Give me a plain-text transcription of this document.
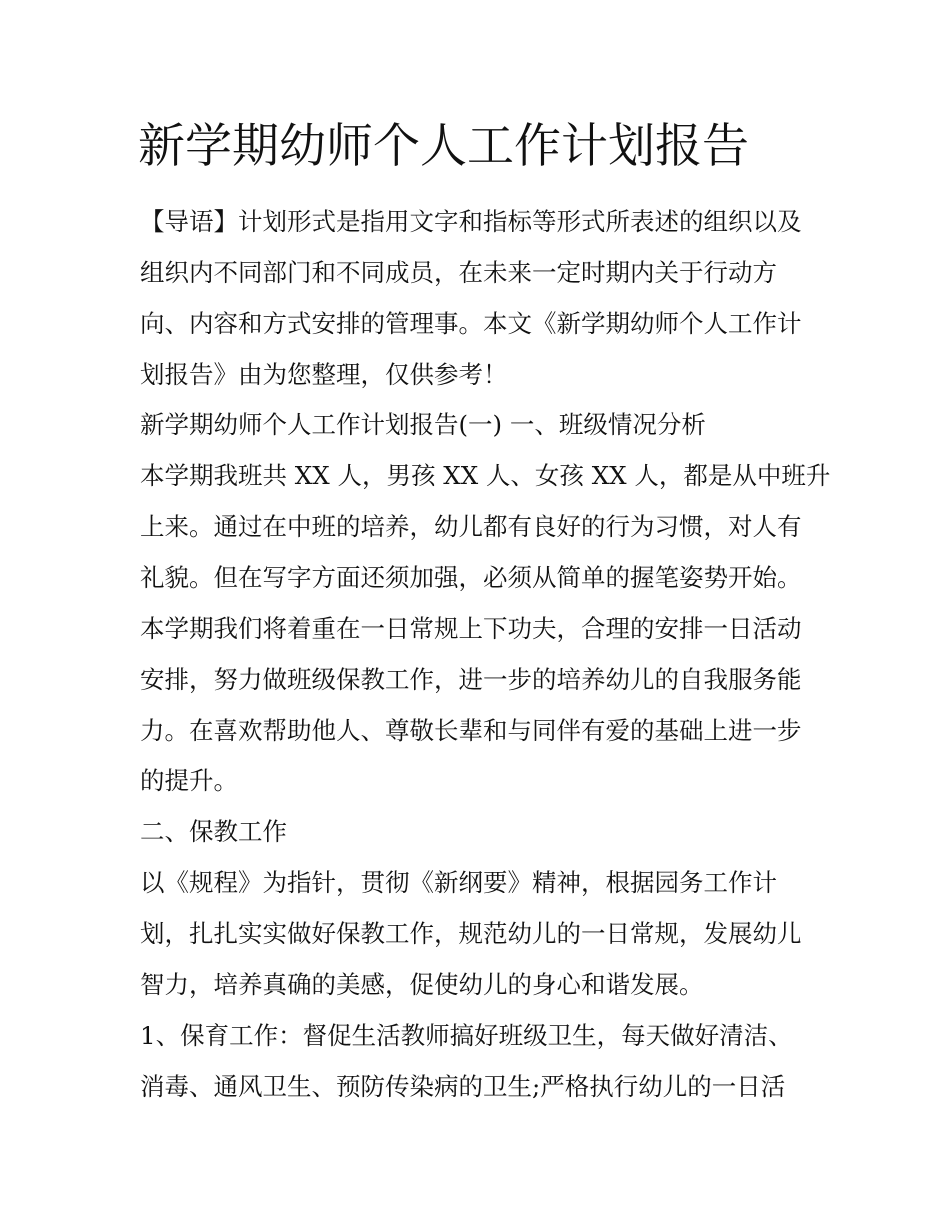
新学期幼师个人工作计划报告
【导语】计划形式是指用文字和指标等形式所表述的组织以及
组织内不同部门和不同成员，在未来一定时期内关于行动方
向、内容和方式安排的管理事。本文《新学期幼师个人工作计
划报告》由为您整理，仅供参考！
新学期幼师个人工作计划报告(一) 一、班级情况分析
本学期我班共 XX 人，男孩 XX 人、女孩 XX 人，都是从中班升
上来。通过在中班的培养，幼儿都有良好的行为习惯，对人有
礼貌。但在写字方面还须加强，必须从简单的握笔姿势开始。
本学期我们将着重在一日常规上下功夫，合理的安排一日活动
安排，努力做班级保教工作，进一步的培养幼儿的自我服务能
力。在喜欢帮助他人、尊敬长辈和与同伴有爱的基础上进一步
的提升。
二、保教工作
以《规程》为指针，贯彻《新纲要》精神，根据园务工作计
划，扎扎实实做好保教工作，规范幼儿的一日常规，发展幼儿
智力，培养真确的美感，促使幼儿的身心和谐发展。
1、保育工作：督促生活教师搞好班级卫生，每天做好清洁、
消毒、通风卫生、预防传染病的卫生;严格执行幼儿的一日活
